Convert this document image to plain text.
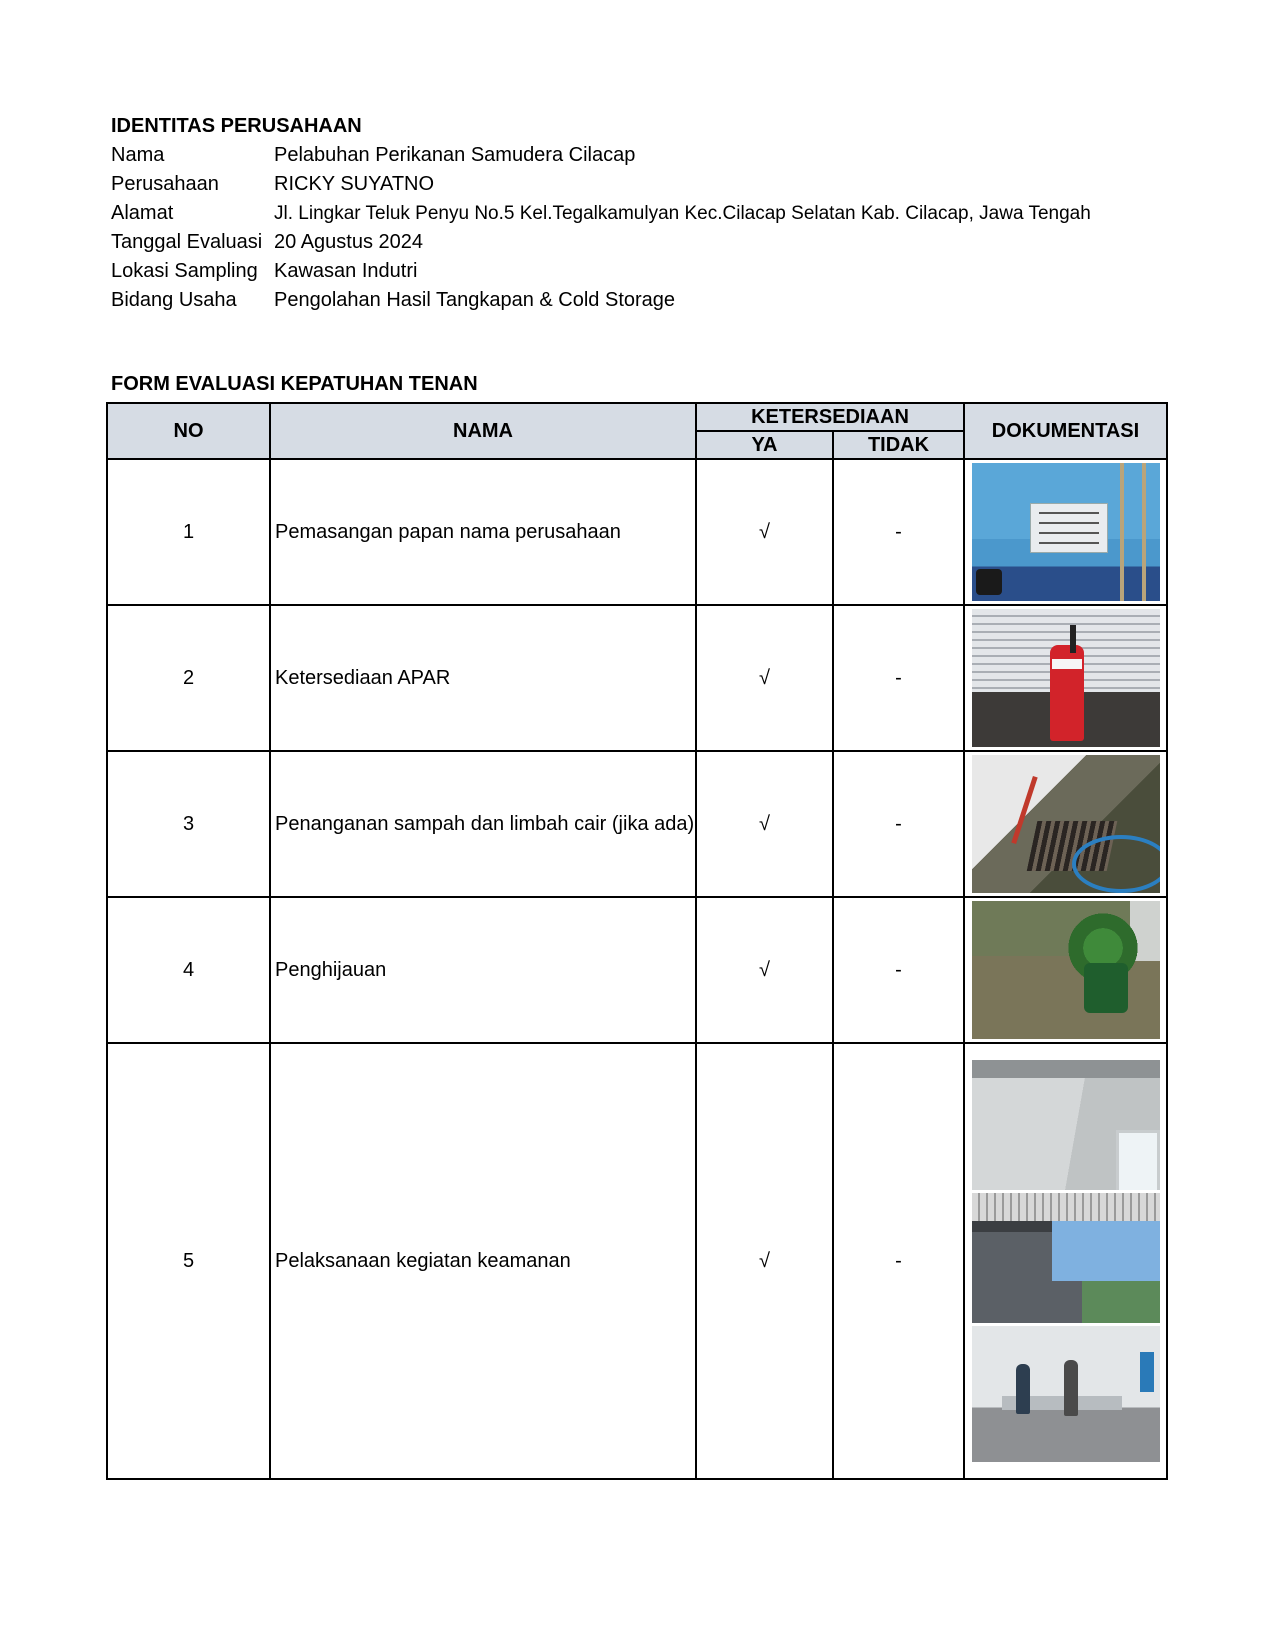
IDENTITAS PERUSAHAAN
Nama	Pelabuhan Perikanan Samudera Cilacap
Perusahaan	RICKY SUYATNO
Alamat	Jl. Lingkar Teluk Penyu No.5 Kel.Tegalkamulyan Kec.Cilacap Selatan Kab. Cilacap, Jawa Tengah
Tanggal Evaluasi 20 Agustus 2024
Lokasi Sampling Kawasan Indutri
Bidang Usaha	Pengolahan Hasil Tangkapan & Cold Storage
FORM EVALUASI KEPATUHAN TENAN
NO	NAMA	KETERSEDIAAN		DOKUMENTASI
		YA	TIDAK	
1	Pemasangan papan nama perusahaan	√	-	

2	Ketersediaan APAR	√	-	

3	Penanganan sampah dan limbah cair (jika ada)	√	-	

4	Penghijauan	√	-	

5	Pelaksanaan kegiatan keamanan	√	-	
